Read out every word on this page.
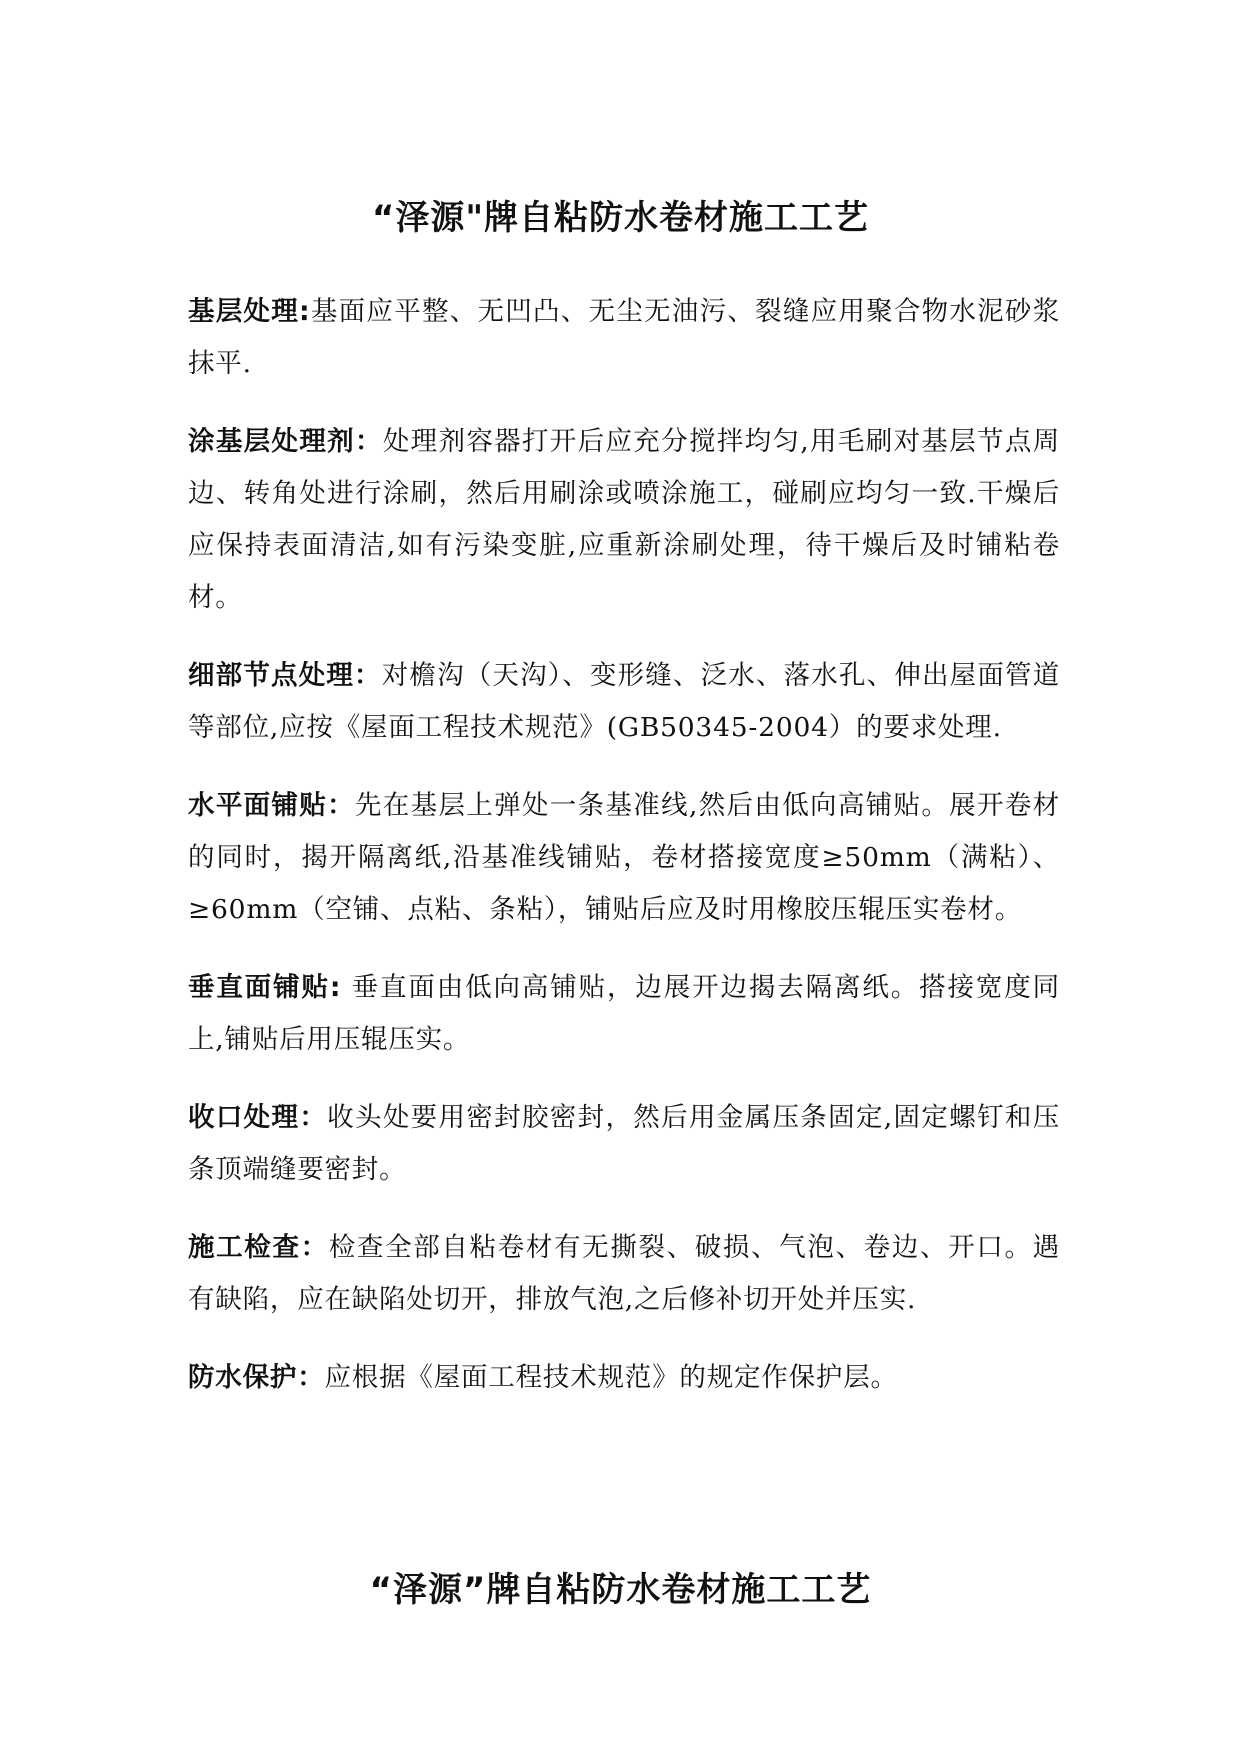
“泽源"牌自粘防水卷材施工工艺

基层处理:基面应平整、无凹凸、无尘无油污、裂缝应用聚合物水泥砂浆抹平.

涂基层处理剂：处理剂容器打开后应充分搅拌均匀,用毛刷对基层节点周边、转角处进行涂刷，然后用刷涂或喷涂施工，碰刷应均匀一致.干燥后应保持表面清洁,如有污染变脏,应重新涂刷处理，待干燥后及时铺粘卷材。

细部节点处理：对檐沟（天沟）、变形缝、泛水、落水孔、伸出屋面管道等部位,应按《屋面工程技术规范》(GB50345-2004）的要求处理.

水平面铺贴：先在基层上弹处一条基准线,然后由低向高铺贴。展开卷材的同时，揭开隔离纸,沿基准线铺贴，卷材搭接宽度≥50mm（满粘）、≥60mm（空铺、点粘、条粘），铺贴后应及时用橡胶压辊压实卷材。

垂直面铺贴: 垂直面由低向高铺贴，边展开边揭去隔离纸。搭接宽度同上,铺贴后用压辊压实。

收口处理：收头处要用密封胶密封，然后用金属压条固定,固定螺钉和压条顶端缝要密封。

施工检查：检查全部自粘卷材有无撕裂、破损、气泡、卷边、开口。遇有缺陷，应在缺陷处切开，排放气泡,之后修补切开处并压实.

防水保护：应根据《屋面工程技术规范》的规定作保护层。

“泽源”牌自粘防水卷材施工工艺
